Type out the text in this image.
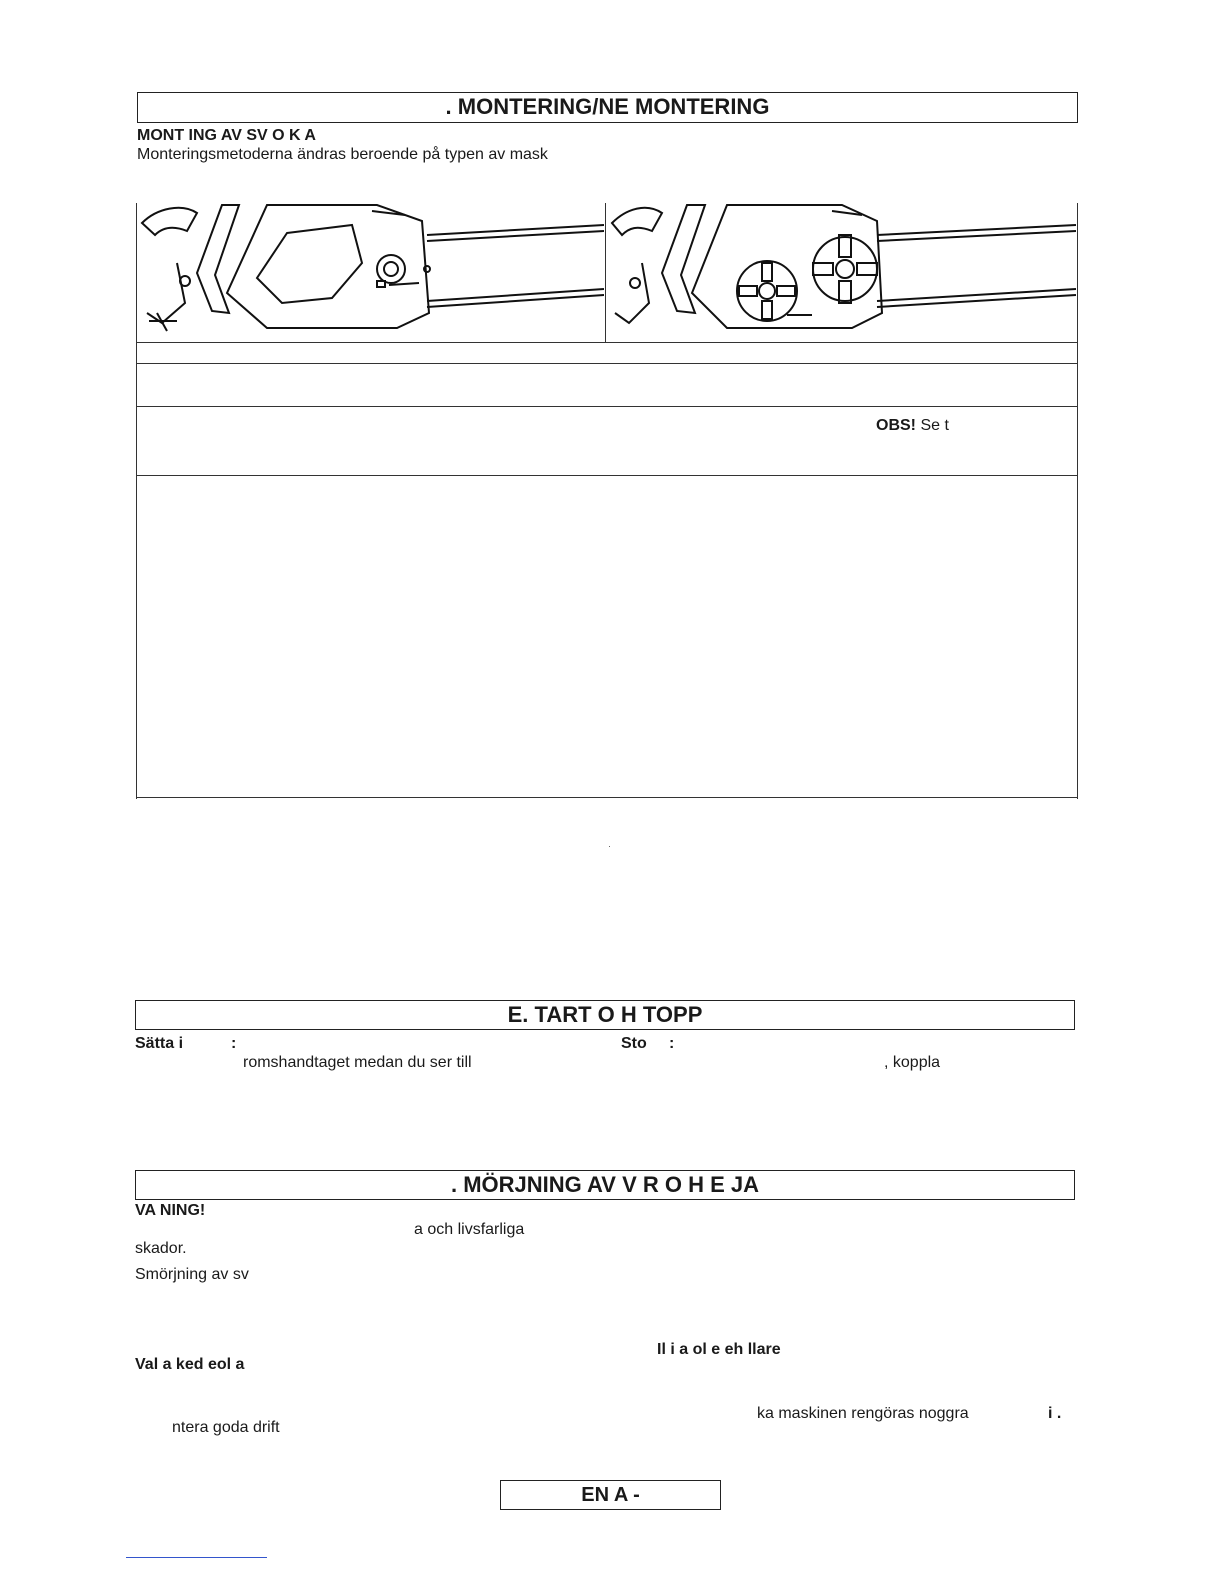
. MONTERING/NE MONTERING
MONT ING AV SV O K A
Monteringsmetoderna ändras beroende på typen av mask
OBS! Se t
E. TART O H TOPP
Sätta i	:	Sto :
romshandtaget medan du ser till	, koppla
. MÖRJNING AV V R O H E JA
VA NING!
a och livsfarliga
skador.
Smörjning av sv
Il i a ol e eh llare
Val a ked eol a
ka maskinen rengöras noggra	i .
ntera goda drift
EN A -
